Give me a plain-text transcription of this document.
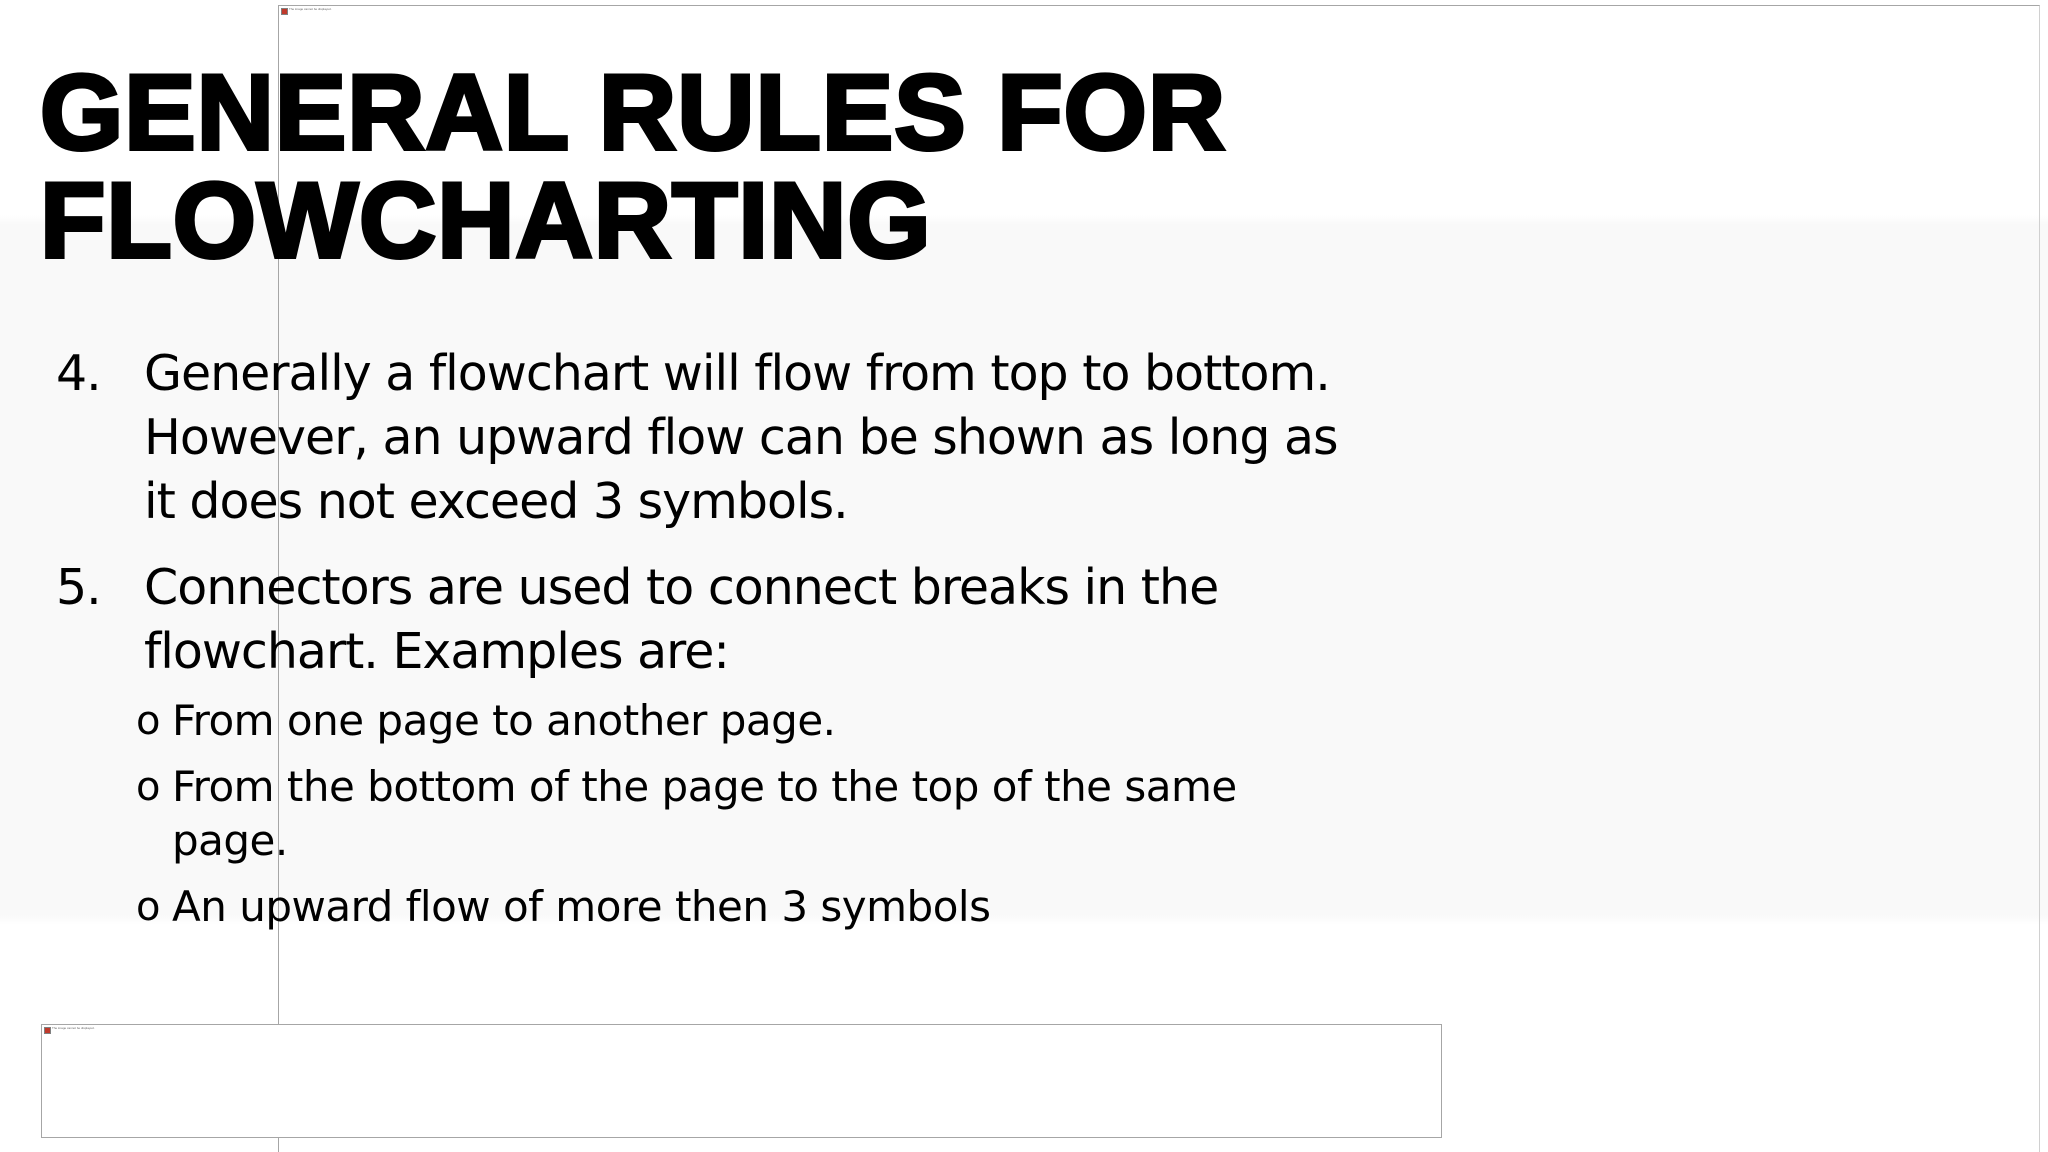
The image cannot be displayed.
GENERAL RULES FOR
FLOWCHARTING
4. Generally a flowchart will flow from top to bottom. However, an upward flow can be shown as long as it does not exceed 3 symbols.
5. Connectors are used to connect breaks in the flowchart. Examples are:
o From one page to another page.
o From the bottom of the page to the top of the same page.
o An upward flow of more then 3 symbols
The image cannot be displayed.
